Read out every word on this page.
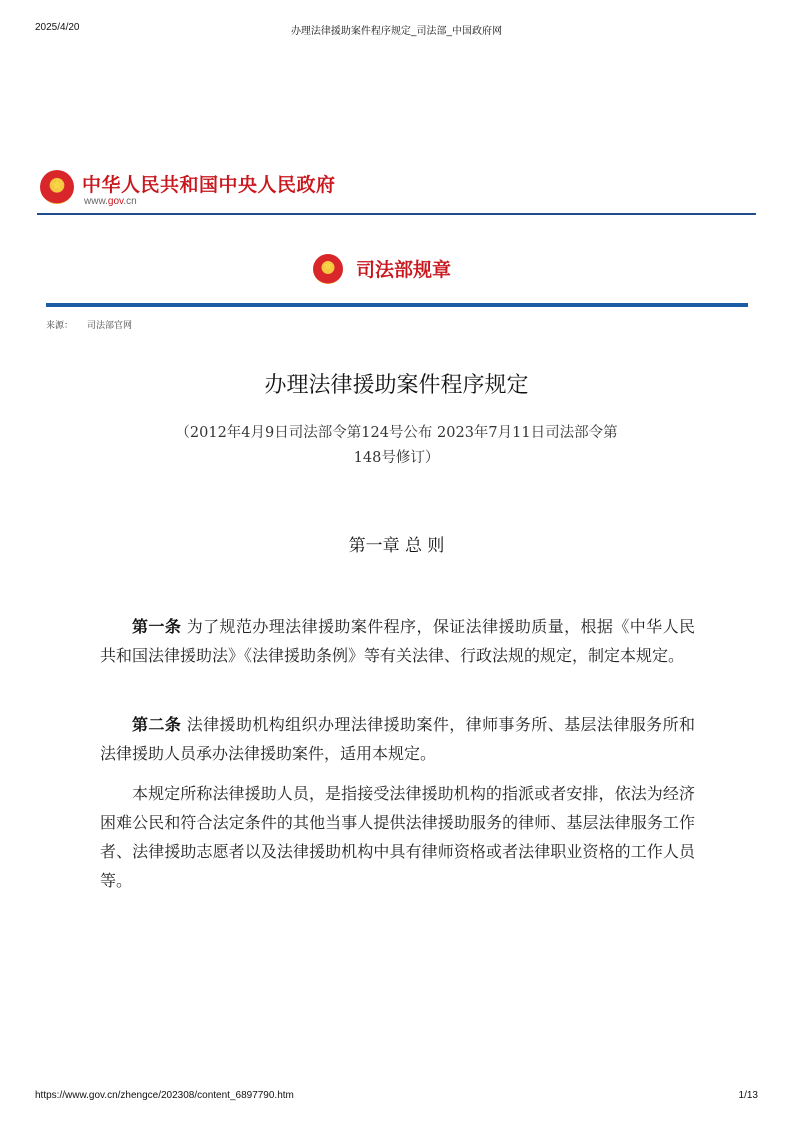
2025/4/20	办理法律援助案件程序规定_司法部_中国政府网
★
中华人民共和国中央人民政府
www.gov.cn
★
司法部规章
来源： 司法部官网
办理法律援助案件程序规定
（2012年4月9日司法部令第124号公布 2023年7月11日司法部令第
148号修订）
第一章 总 则

第一条 为了规范办理法律援助案件程序，保证法律援助质量，根据《中华人民共和国法律援助法》《法律援助条例》等有关法律、行政法规的规定，制定本规定。

第二条 法律援助机构组织办理法律援助案件，律师事务所、基层法律服务所和法律援助人员承办法律援助案件，适用本规定。

本规定所称法律援助人员，是指接受法律援助机构的指派或者安排，依法为经济困难公民和符合法定条件的其他当事人提供法律援助服务的律师、基层法律服务工作者、法律援助志愿者以及法律援助机构中具有律师资格或者法律职业资格的工作人员等。

https://www.gov.cn/zhengce/202308/content_6897790.htm	1/13
